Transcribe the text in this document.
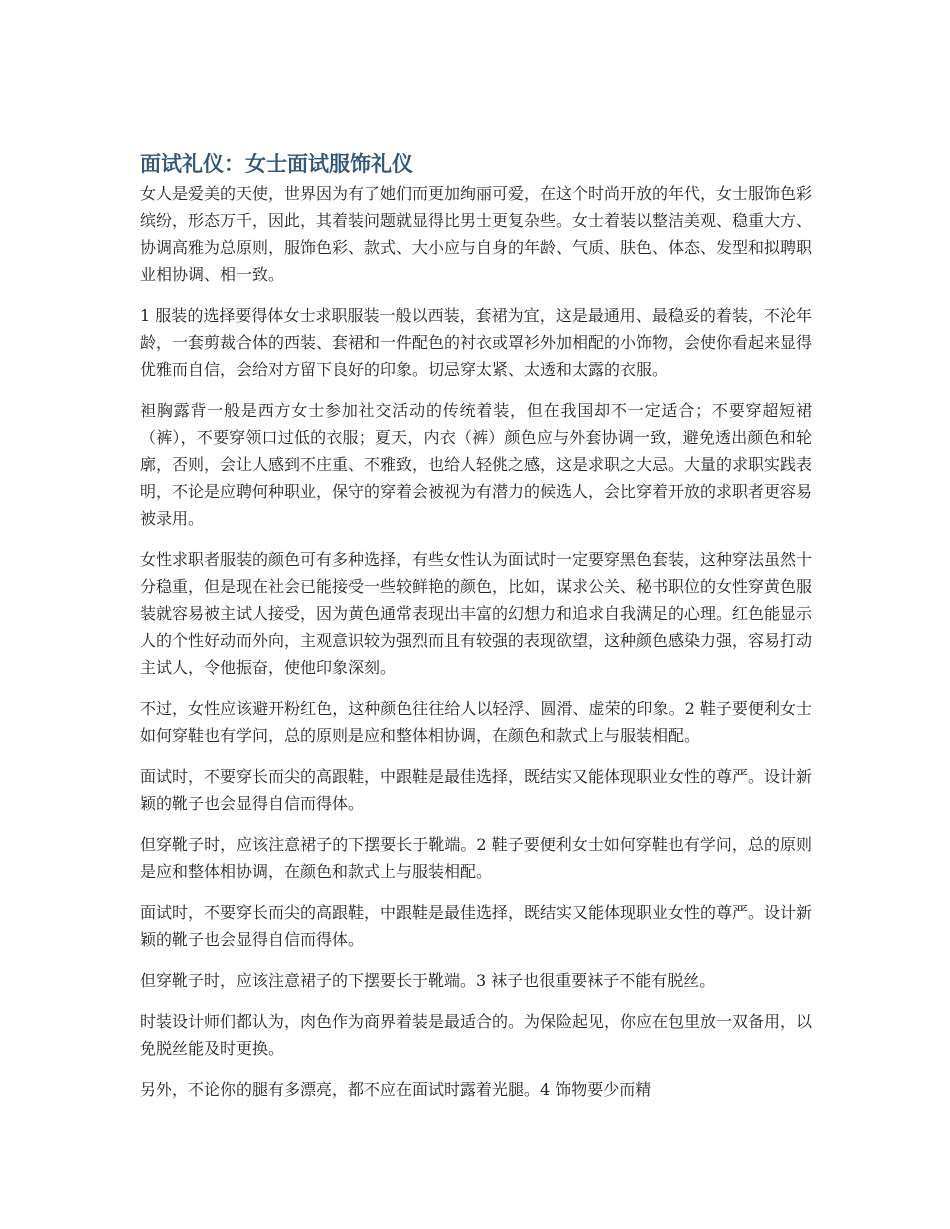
面试礼仪：女士面试服饰礼仪

女人是爱美的天使，世界因为有了她们而更加绚丽可爱，在这个时尚开放的年代，女士服饰色彩缤纷，形态万千，因此，其着装问题就显得比男士更复杂些。女士着装以整洁美观、稳重大方、协调高雅为总原则，服饰色彩、款式、大小应与自身的年龄、气质、肤色、体态、发型和拟聘职业相协调、相一致。

1 服装的选择要得体女士求职服装一般以西装，套裙为宜，这是最通用、最稳妥的着装，不沦年龄，一套剪裁合体的西装、套裙和一件配色的衬衣或罩衫外加相配的小饰物，会使你看起来显得优雅而自信，会给对方留下良好的印象。切忌穿太紧、太透和太露的衣服。

袒胸露背一般是西方女士参加社交活动的传统着装，但在我国却不一定适合；不要穿超短裙（裤），不要穿领口过低的衣服；夏天，内衣（裤）颜色应与外套协调一致，避免透出颜色和轮廓，否则，会让人感到不庄重、不雅致，也给人轻佻之感，这是求职之大忌。大量的求职实践表明，不论是应聘何种职业，保守的穿着会被视为有潜力的候选人，会比穿着开放的求职者更容易被录用。

女性求职者服装的颜色可有多种选择，有些女性认为面试时一定要穿黑色套装，这种穿法虽然十分稳重，但是现在社会已能接受一些较鲜艳的颜色，比如，谋求公关、秘书职位的女性穿黄色服装就容易被主试人接受，因为黄色通常表现出丰富的幻想力和追求自我满足的心理。红色能显示人的个性好动而外向，主观意识较为强烈而且有较强的表现欲望，这种颜色感染力强，容易打动主试人，令他振奋，使他印象深刻。

不过，女性应该避开粉红色，这种颜色往往给人以轻浮、圆滑、虚荣的印象。2 鞋子要便利女士如何穿鞋也有学问，总的原则是应和整体相协调，在颜色和款式上与服装相配。

面试时，不要穿长而尖的高跟鞋，中跟鞋是最佳选择，既结实又能体现职业女性的尊严。设计新颖的靴子也会显得自信而得体。

但穿靴子时，应该注意裙子的下摆要长于靴端。2 鞋子要便利女士如何穿鞋也有学问，总的原则是应和整体相协调，在颜色和款式上与服装相配。

面试时，不要穿长而尖的高跟鞋，中跟鞋是最佳选择，既结实又能体现职业女性的尊严。设计新颖的靴子也会显得自信而得体。

但穿靴子时，应该注意裙子的下摆要长于靴端。3 袜子也很重要袜子不能有脱丝。

时装设计师们都认为，肉色作为商界着装是最适合的。为保险起见，你应在包里放一双备用，以免脱丝能及时更换。

另外，不论你的腿有多漂亮，都不应在面试时露着光腿。4 饰物要少而精
